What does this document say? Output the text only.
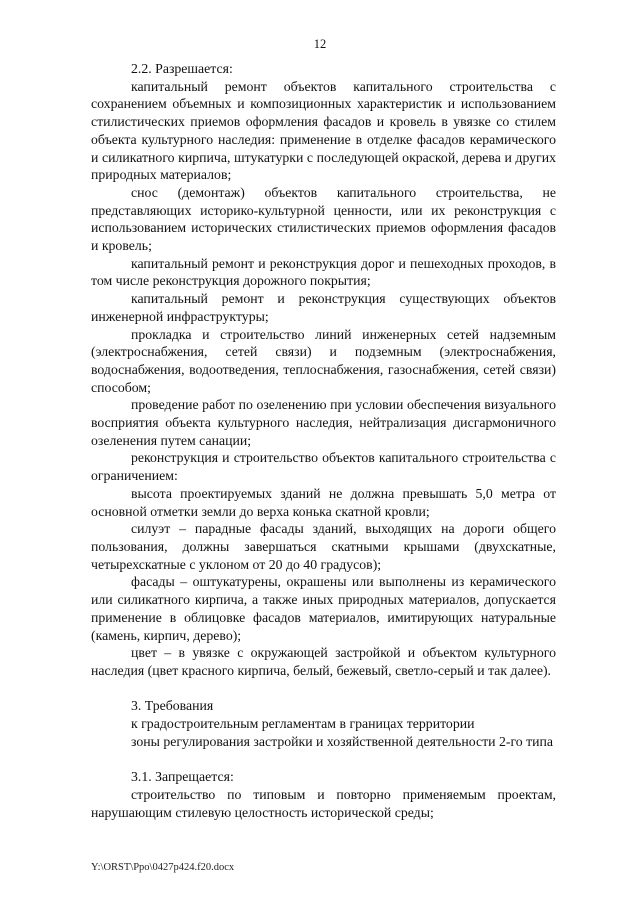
12

2.2. Разрешается:

капитальный ремонт объектов капитального строительства с сохранением объемных и композиционных характеристик и использованием стилистических приемов оформления фасадов и кровель в увязке со стилем объекта культурного наследия: применение в отделке фасадов керамического и силикатного кирпича, штукатурки с последующей окраской, дерева и других природных материалов;

снос (демонтаж) объектов капитального строительства, не представляющих историко-культурной ценности, или их реконструкция с использованием исторических стилистических приемов оформления фасадов и кровель;

капитальный ремонт и реконструкция дорог и пешеходных проходов, в том числе реконструкция дорожного покрытия;

капитальный ремонт и реконструкция существующих объектов инженерной инфраструктуры;

прокладка и строительство линий инженерных сетей надземным (электроснабжения, сетей связи) и подземным (электроснабжения, водоснабжения, водоотведения, теплоснабжения, газоснабжения, сетей связи) способом;

проведение работ по озеленению при условии обеспечения визуального восприятия объекта культурного наследия, нейтрализация дисгармоничного озеленения путем санации;

реконструкция и строительство объектов капитального строительства с ограничением:

высота проектируемых зданий не должна превышать 5,0 метра от основной отметки земли до верха конька скатной кровли;

силуэт – парадные фасады зданий, выходящих на дороги общего пользования, должны завершаться скатными крышами (двухскатные, четырехскатные с уклоном от 20 до 40 градусов);

фасады – оштукатурены, окрашены или выполнены из керамического или силикатного кирпича, а также иных природных материалов, допускается применение в облицовке фасадов материалов, имитирующих натуральные (камень, кирпич, дерево);

цвет – в увязке с окружающей застройкой и объектом культурного наследия (цвет красного кирпича, белый, бежевый, светло-серый и так далее).

3. Требования

к градостроительным регламентам в границах территории

зоны регулирования застройки и хозяйственной деятельности 2-го типа

3.1. Запрещается:

строительство по типовым и повторно применяемым проектам, нарушающим стилевую целостность исторической среды;

Y:\ORST\Ppo\0427p424.f20.docx
